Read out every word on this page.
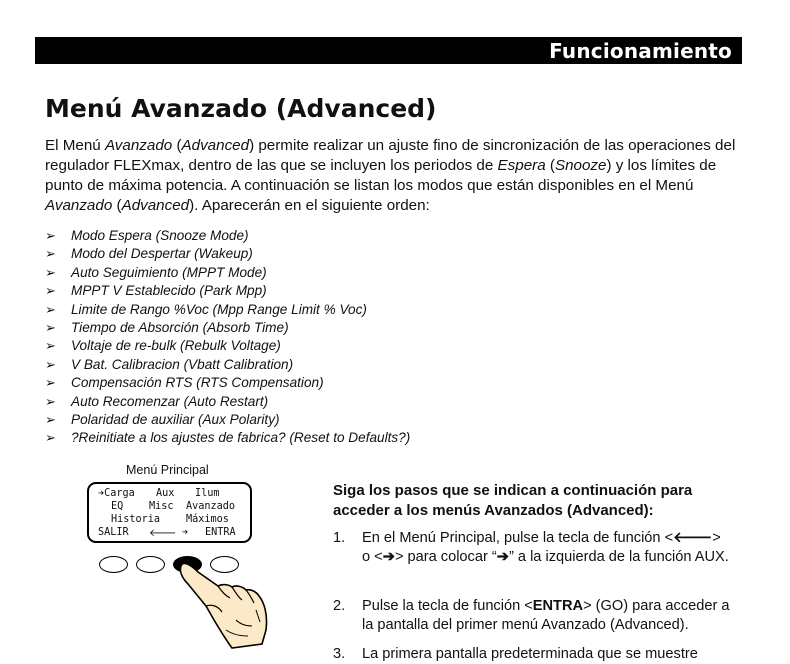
Funcionamiento
Menú Avanzado (Advanced)
El Menú Avanzado (Advanced) permite realizar un ajuste fino de sincronización de las operaciones del regulador FLEXmax, dentro de las que se incluyen los periodos de Espera (Snooze) y los límites de punto de máxima potencia. A continuación se listan los modos que están disponibles en el Menú Avanzado (Advanced). Aparecerán en el siguiente orden:
➢ Modo Espera (Snooze Mode)
➢ Modo del Despertar (Wakeup)
➢ Auto Seguimiento (MPPT Mode)
➢ MPPT V Establecido (Park Mpp)
➢ Limite de Rango %Voc (Mpp Range Limit % Voc)
➢ Tiempo de Absorción (Absorb Time)
➢ Voltaje de re-bulk (Rebulk Voltage)
➢ V Bat. Calibracion (Vbatt Calibration)
➢ Compensación RTS (RTS Compensation)
➢ Auto Recomenzar (Auto Restart)
➢ Polaridad de auxiliar (Aux Polarity)
➢ ?Reinitiate a los ajustes de fabrica? (Reset to Defaults?)
Menú Principal
➔Carga Aux Ilum
EQ	Misc Avanzado
Historia	Máximos
SALIR 🡐 ➔ ENTRA
Siga los pasos que se indican a continuación para acceder a los menús Avanzados (Advanced):
1. En el Menú Principal, pulse la tecla de función <🡐> o <➔> para colocar “➔” a la izquierda de la función AUX.
2. Pulse la tecla de función <ENTRA> (GO) para acceder a la pantalla del primer menú Avanzado (Advanced).
3. La primera pantalla predeterminada que se muestre
